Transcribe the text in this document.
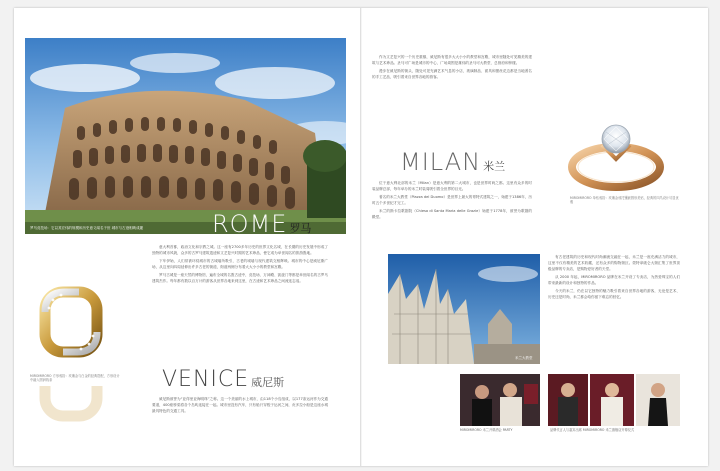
罗马竞技场：它以其宏伟的规模和历史意义闻名于世 城市与古迹相映成趣	ROME 罗马

意大利首都，政治文化和宗教之城。这一座有2700多年历史的世界文化名城，在长期的历史发展中形成了独特的城市风貌，众多的古罗马建筑遗迹和文艺复兴时期的艺术珍品，使它成为举世闻名的旅游胜地。

下车伊始，人们常被环绕城市的古城墙所吸引，古老的城墙与现代建筑交相辉映。城市的中心是威尼斯广场，从这里向四周延伸出许多古老的街道，街道两侧分布着大大小小的教堂和宫殿。

罗马古城是一座天然的博物馆，遍布全城的名胜古迹中，竞技场、万神殿、凯旋门等都是举世闻名的古罗马建筑杰作。每年都有数以百万计的游客从世界各地来到这里，在古迹和艺术珍品之间流连忘返。

MIROMIRORO 方形戒指：玫瑰金与白金的经典搭配，方形设计中融入圆润线条	VENICE 威尼斯

威尼斯被誉为“亚得里亚海明珠”之称。这一个美丽的水上城市，由118个小岛组成，以177条运河作为交通要道，400座桥梁将各个岛屿连接在一起。城市里没有汽车，只有船只穿梭于运河之间，贡多拉小船是这座水城最具特色的交通工具。

作为文艺复兴的一个历史重镇，威尼斯有很多大大小小的教堂和宫殿，城市里随处可见精美的建筑与艺术珍品。圣马可广场是城市的中心，广场周围是雄伟的圣马可大教堂、总督府和钟楼。

漫步在威尼斯的街头，随处可见充满艺术气息的小店，玻璃制品、面具和蕾丝花边都是当地著名的手工艺品，吸引着来自世界各地的游客。

MILAN 米兰
MIROMIRORO 单钻戒指：玫瑰金戒托镶嵌圆形美钻，经典的四爪设计尽显优雅

位于意大利北部的米兰（Milan）是意大利的第二大城市，也是世界时尚之都。这里有众多的时装品牌总部，每年举办的米兰时装周吸引着全世界的目光。

著名的米兰大教堂（Piazza del Duomo）是世界上最大的哥特式建筑之一，始建于1386年，历时五个多世纪才完工。

米兰的斯卡拉歌剧院（Chiesa di Santa Maria delle Grazie）始建于1778年，被誉为歌剧的殿堂。

米兰大教堂

有古老建筑的历史和现代时尚潮流交融在一起，米兰是一座充满活力的城市，这里不仅有精美的艺术收藏，还有众多的购物街区。蒙特拿破仑大街汇集了世界顶级品牌的专卖店，是购物爱好者的天堂。

从 2000 年起，MIROMIRORO 品牌在米兰开设了专卖店，为热爱珠宝的人们带来最新的设计和独特的作品。

今天的米兰，仍在以它独特的魅力吸引着来自世界各地的游客，无论是艺术、历史还是时尚，米兰都会给你留下难忘的回忆。

MIROMIRORO 米兰开幕酒会 PARTY	品牌代言人与嘉宾出席 MIROMIRORO 米兰旗舰店开幕仪式
